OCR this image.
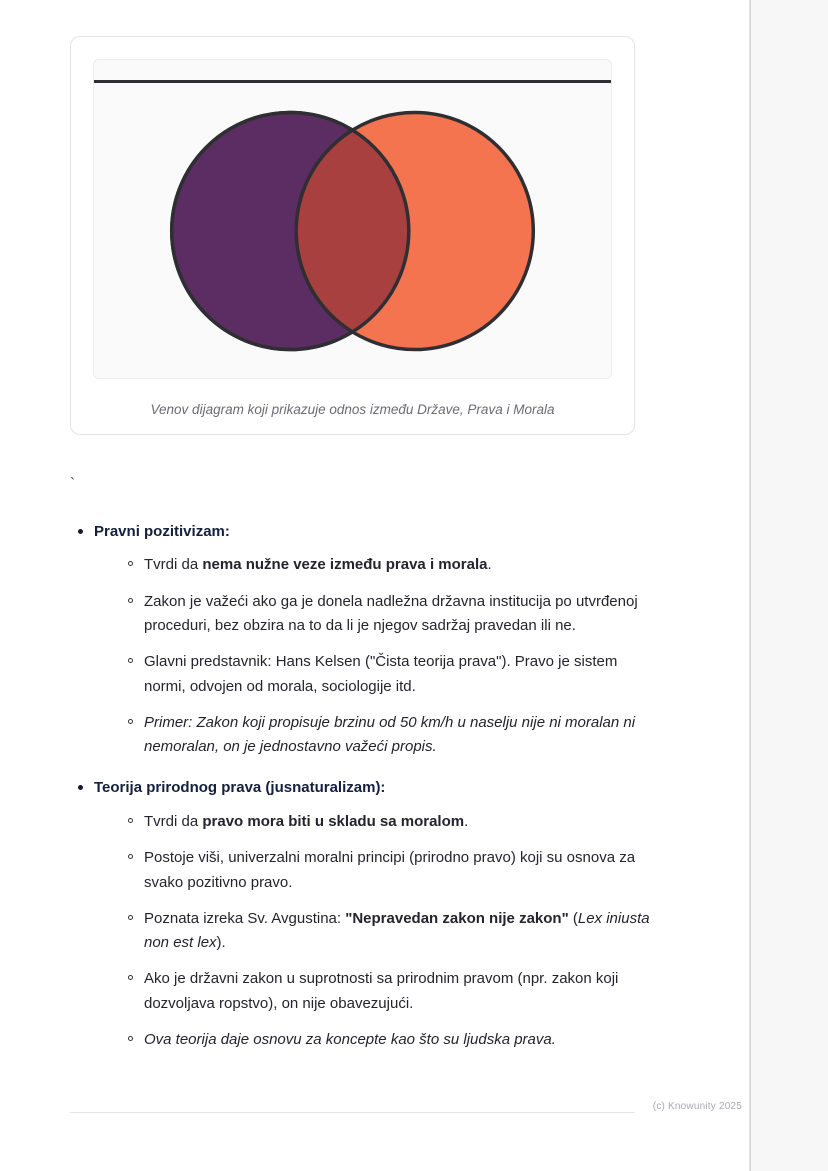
Venov dijagram koji prikazuje odnos između Države, Prava i Morala
`
Pravni pozitivizam:
Tvrdi da nema nužne veze između prava i morala.
Zakon je važeći ako ga je donela nadležna državna institucija po utvrđenoj proceduri, bez obzira na to da li je njegov sadržaj pravedan ili ne.
Glavni predstavnik: Hans Kelsen ("Čista teorija prava"). Pravo je sistem normi, odvojen od morala, sociologije itd.
Primer: Zakon koji propisuje brzinu od 50 km/h u naselju nije ni moralan ni nemoralan, on je jednostavno važeći propis.
Teorija prirodnog prava (jusnaturalizam):
Tvrdi da pravo mora biti u skladu sa moralom.
Postoje viši, univerzalni moralni principi (prirodno pravo) koji su osnova za svako pozitivno pravo.
Poznata izreka Sv. Avgustina: "Nepravedan zakon nije zakon" (Lex iniusta non est lex).
Ako je državni zakon u suprotnosti sa prirodnim pravom (npr. zakon koji dozvoljava ropstvo), on nije obavezujući.
Ova teorija daje osnovu za koncepte kao što su ljudska prava.
(c) Knowunity 2025
